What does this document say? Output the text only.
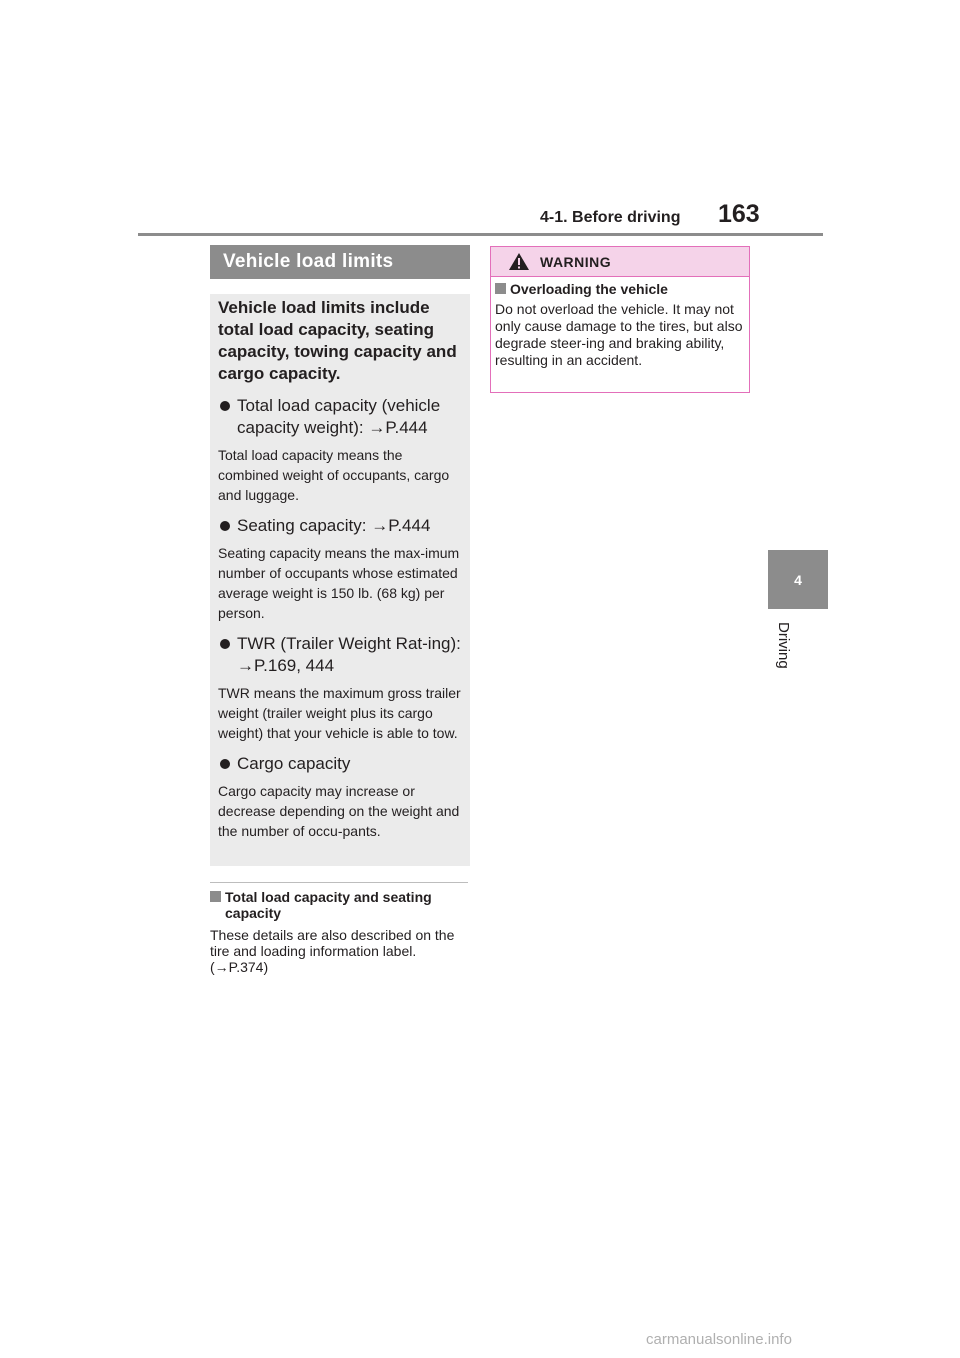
4-1. Before driving 163
4
Driving
Vehicle load limits

Vehicle load limits include total load capacity, seating capacity, towing capacity and cargo capacity.

Total load capacity (vehicle capacity weight): →P.444

Total load capacity means the combined weight of occupants, cargo and luggage.

Seating capacity: →P.444

Seating capacity means the max-imum number of occupants whose estimated average weight is 150 lb. (68 kg) per person.

TWR (Trailer Weight Rat-ing): →P.169, 444

TWR means the maximum gross trailer weight (trailer weight plus its cargo weight) that your vehicle is able to tow.

Cargo capacity

Cargo capacity may increase or decrease depending on the weight and the number of occu-pants.

Total load capacity and seating
capacity
These details are also described on the tire and loading information label. (→P.374)
WARNING
Overloading the vehicle
Do not overload the vehicle. It may not only cause damage to the tires, but also degrade steer-ing and braking ability, resulting in an accident.
carmanualsonline.info
